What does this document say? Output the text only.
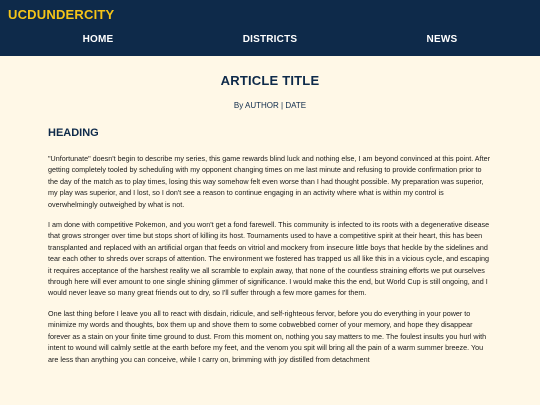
UCDUNDERCITY
HOME	DISTRICTS	NEWS
ARTICLE TITLE
By AUTHOR | DATE
HEADING

"Unfortunate" doesn't begin to describe my series, this game rewards blind luck and nothing else, I am beyond convinced at this point. After getting completely tooled by scheduling with my opponent changing times on me last minute and refusing to provide confirmation prior to the day of the match as to play times, losing this way somehow felt even worse than I had thought possible. My preparation was superior, my play was superior, and I lost, so I don't see a reason to continue engaging in an activity where what is within my control is overwhelmingly outweighed by what is not.

I am done with competitive Pokemon, and you won't get a fond farewell. This community is infected to its roots with a degenerative disease that grows stronger over time but stops short of killing its host. Tournaments used to have a competitive spirit at their heart, this has been transplanted and replaced with an artificial organ that feeds on vitriol and mockery from insecure little boys that heckle by the sidelines and tear each other to shreds over scraps of attention. The environment we fostered has trapped us all like this in a vicious cycle, and escaping it requires acceptance of the harshest reality we all scramble to explain away, that none of the countless straining efforts we put ourselves through here will ever amount to one single shining glimmer of significance. I would make this the end, but World Cup is still ongoing, and I would never leave so many great friends out to dry, so I'll suffer through a few more games for them.

One last thing before I leave you all to react with disdain, ridicule, and self-righteous fervor, before you do everything in your power to minimize my words and thoughts, box them up and shove them to some cobwebbed corner of your memory, and hope they disappear forever as a stain on your finite time ground to dust. From this moment on, nothing you say matters to me. The foulest insults you hurl with intent to wound will calmly settle at the earth before my feet, and the venom you spit will bring all the pain of a warm summer breeze. You are less than anything you can conceive, while I carry on, brimming with joy distilled from detachment
